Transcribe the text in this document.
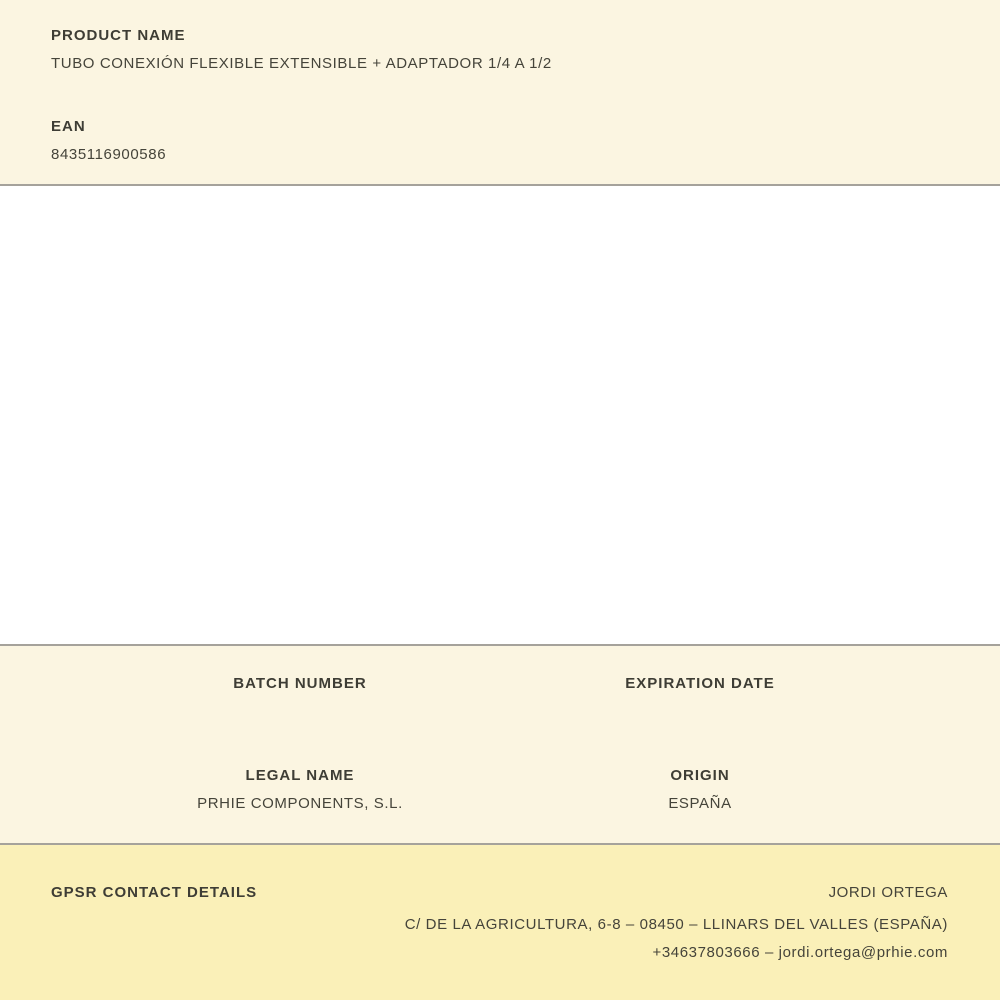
PRODUCT NAME
TUBO CONEXIÓN FLEXIBLE EXTENSIBLE + ADAPTADOR 1/4 A 1/2
EAN
8435116900586
BATCH NUMBER	EXPIRATION DATE
LEGAL NAME
PRHIE COMPONENTS, S.L.
ORIGIN
ESPAÑA
GPSR CONTACT DETAILS	JORDI ORTEGA
C/ DE LA AGRICULTURA, 6-8 – 08450 – LLINARS DEL VALLES (ESPAÑA)
+34637803666 – jordi.ortega@prhie.com
